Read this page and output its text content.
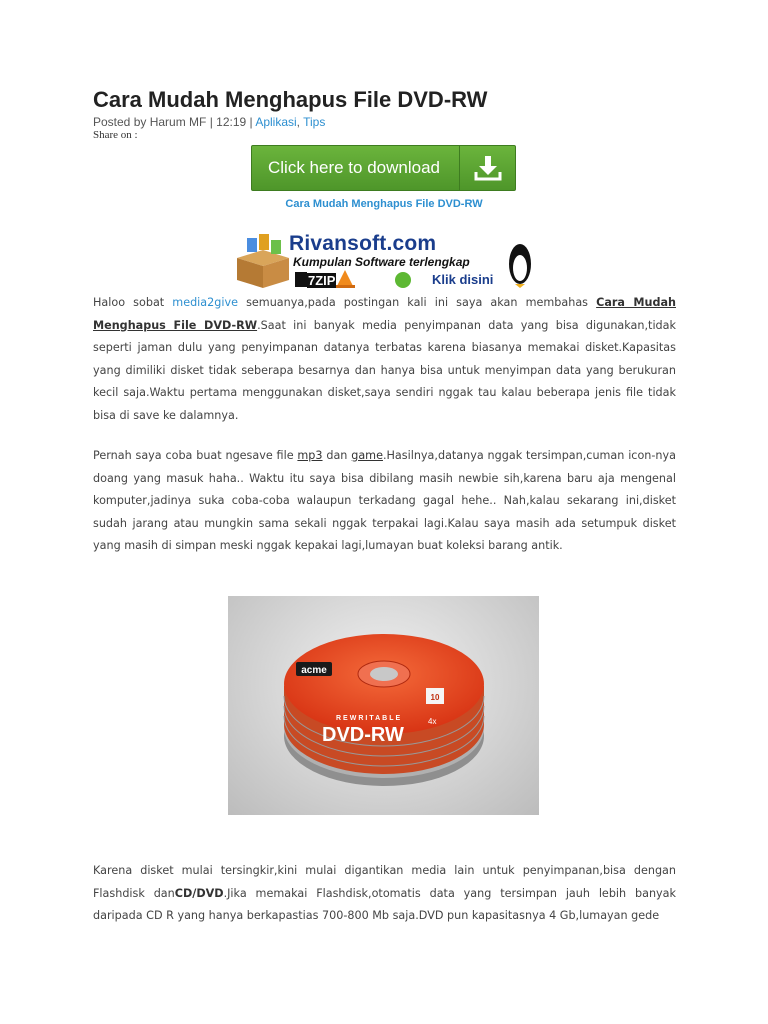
Cara Mudah Menghapus File DVD-RW
Posted by Harum MF | 12:19 | Aplikasi, Tips
Share on :
Click here to download
Cara Mudah Menghapus File DVD-RW
Rivansoft.com
Kumpulan Software terlengkap
7ZIP	Klik disini
Haloo sobat media2give semuanya,pada postingan kali ini saya akan membahas Cara Mudah Menghapus File DVD-RW.Saat ini banyak media penyimpanan data yang bisa digunakan,tidak seperti jaman dulu yang penyimpanan datanya terbatas karena biasanya memakai disket.Kapasitas yang dimiliki disket tidak seberapa besarnya dan hanya bisa untuk menyimpan data yang berukuran kecil saja.Waktu pertama menggunakan disket,saya sendiri nggak tau kalau beberapa jenis file tidak bisa di save ke dalamnya.
Pernah saya coba buat ngesave file mp3 dan game.Hasilnya,datanya nggak tersimpan,cuman icon-nya doang yang masuk haha.. Waktu itu saya bisa dibilang masih newbie sih,karena baru aja mengenal komputer,jadinya suka coba-coba walaupun terkadang gagal hehe.. Nah,kalau sekarang ini,disket sudah jarang atau mungkin sama sekali nggak terpakai lagi.Kalau saya masih ada setumpuk disket yang masih di simpan meski nggak kepakai lagi,lumayan buat koleksi barang antik.
acme
REWRITABLE
DVD-RW
4x
10
Karena disket mulai tersingkir,kini mulai digantikan media lain untuk penyimpanan,bisa dengan Flashdisk danCD/DVD.Jika memakai Flashdisk,otomatis data yang tersimpan jauh lebih banyak daripada CD R yang hanya berkapastias 700-800 Mb saja.DVD pun kapasitasnya 4 Gb,lumayan gede
